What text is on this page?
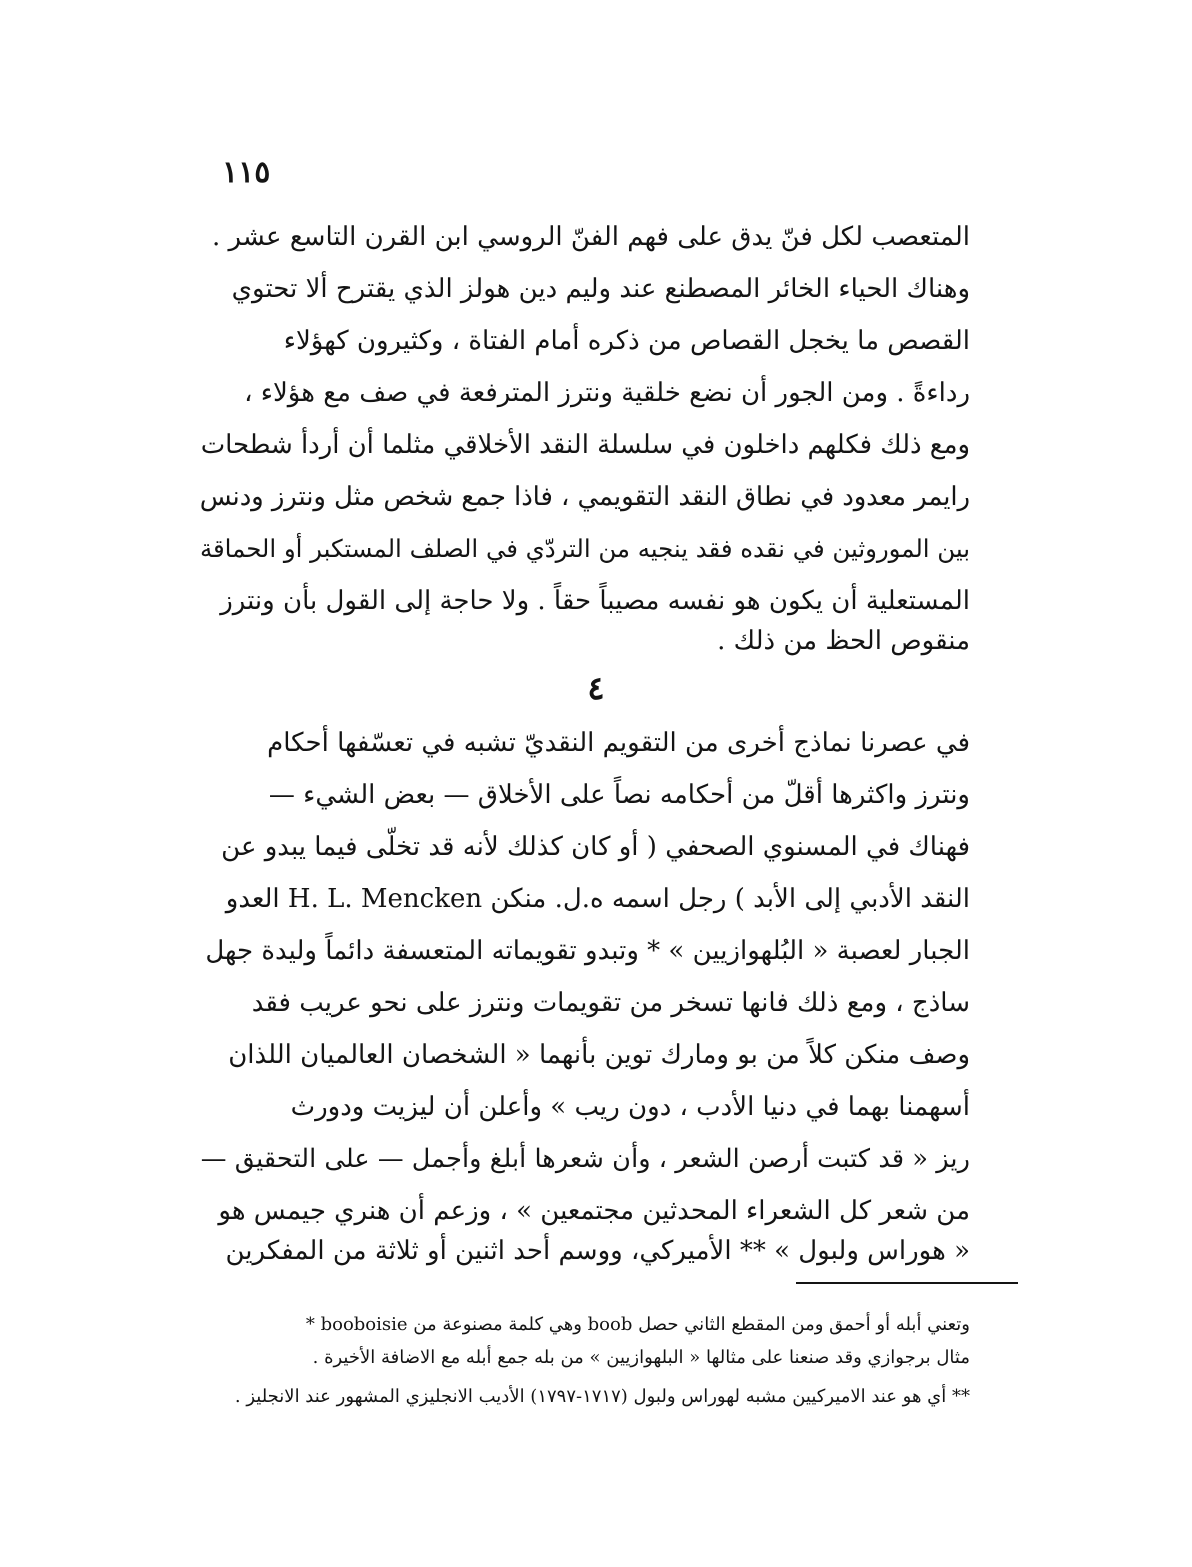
١١٥
المتعصب لكل فنّ يدق على فهم الفنّ الروسي ابن القرن التاسع عشر .
وهناك الحياء الخائر المصطنع عند وليم دين هولز الذي يقترح ألا تحتوي
القصص ما يخجل القصاص من ذكره أمام الفتاة ، وكثيرون كهؤلاء
رداءةً . ومن الجور أن نضع خلقية ونترز المترفعة في صف مع هؤلاء ،
ومع ذلك فكلهم داخلون في سلسلة النقد الأخلاقي مثلما أن أردأ شطحات
رايمر معدود في نطاق النقد التقويمي ، فاذا جمع شخص مثل ونترز ودنس
بين الموروثين في نقده فقد ينجيه من التردّي في الصلف المستكبر أو الحماقة
المستعلية أن يكون هو نفسه مصيباً حقاً . ولا حاجة إلى القول بأن ونترز
منقوص الحظ من ذلك .
٤
في عصرنا نماذج أخرى من التقويم النقديّ تشبه في تعسّفها أحكام
ونترز واكثرها أقلّ من أحكامه نصاً على الأخلاق — بعض الشيء —
فهناك في المسنوي الصحفي ( أو كان كذلك لأنه قد تخلّى فيما يبدو عن
النقد الأدبي إلى الأبد ) رجل اسمه ه.ل. منكن H. L. Mencken العدو
الجبار لعصبة « البُلهوازيين » * وتبدو تقويماته المتعسفة دائماً وليدة جهل
ساذج ، ومع ذلك فانها تسخر من تقويمات ونترز على نحو عريب فقد
وصف منكن كلاً من بو ومارك توين بأنهما « الشخصان العالميان اللذان
أسهمنا بهما في دنيا الأدب ، دون ريب » وأعلن أن ليزيت ودورث
ريز « قد كتبت أرصن الشعر ، وأن شعرها أبلغ وأجمل — على التحقيق —
من شعر كل الشعراء المحدثين مجتمعين » ، وزعم أن هنري جيمس هو
« هوراس ولبول » ** الأميركي، ووسم أحد اثنين أو ثلاثة من المفكرين
* booboisie وهي كلمة مصنوعة من boob وتعني أبله أو أحمق ومن المقطع الثاني حصل
مثال برجوازي وقد صنعنا على مثالها « البلهوازيين » من بله جمع أبله مع الاضافة الأخيرة .
** أي هو عند الاميركيين مشبه لهوراس ولبول (١٧١٧-١٧٩٧) الأديب الانجليزي المشهور عند الانجليز .
